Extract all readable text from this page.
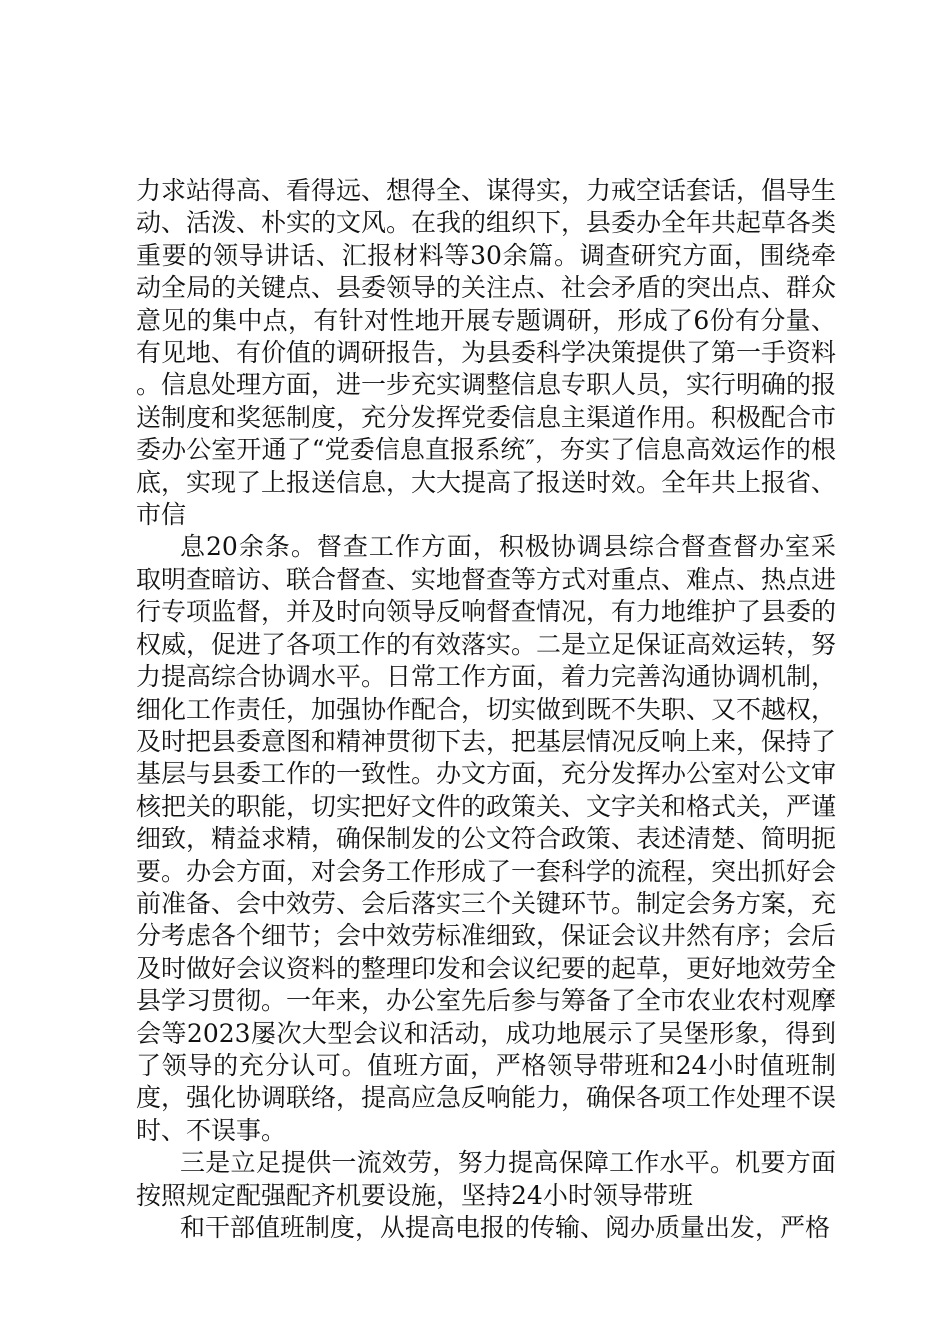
力求站得高、看得远、想得全、谋得实，力戒空话套话，倡导生动、活泼、朴实的文风。在我的组织下，县委办全年共起草各类重要的领导讲话、汇报材料等30余篇。调查研究方面，围绕牵动全局的关键点、县委领导的关注点、社会矛盾的突出点、群众意见的集中点，有针对性地开展专题调研，形成了6份有分量、有见地、有价值的调研报告，为县委科学决策提供了第一手资料。信息处理方面，进一步充实调整信息专职人员，实行明确的报送制度和奖惩制度，充分发挥党委信息主渠道作用。积极配合市委办公室开通了“党委信息直报系统″，夯实了信息高效运作的根底，实现了上报送信息，大大提高了报送时效。全年共上报省、市信

息20余条。督查工作方面，积极协调县综合督查督办室采取明查暗访、联合督查、实地督查等方式对重点、难点、热点进行专项监督，并及时向领导反响督查情况，有力地维护了县委的权威，促进了各项工作的有效落实。二是立足保证高效运转，努力提高综合协调水平。日常工作方面，着力完善沟通协调机制，细化工作责任，加强协作配合，切实做到既不失职、又不越权，及时把县委意图和精神贯彻下去，把基层情况反响上来，保持了基层与县委工作的一致性。办文方面，充分发挥办公室对公文审核把关的职能，切实把好文件的政策关、文字关和格式关，严谨细致，精益求精，确保制发的公文符合政策、表述清楚、简明扼要。办会方面，对会务工作形成了一套科学的流程，突出抓好会前准备、会中效劳、会后落实三个关键环节。制定会务方案，充分考虑各个细节；会中效劳标准细致，保证会议井然有序；会后及时做好会议资料的整理印发和会议纪要的起草，更好地效劳全县学习贯彻。一年来，办公室先后参与筹备了全市农业农村观摩会等2023屡次大型会议和活动，成功地展示了吴堡形象，得到了领导的充分认可。值班方面，严格领导带班和24小时值班制度，强化协调联络，提高应急反响能力，确保各项工作处理不误时、不误事。

三是立足提供一流效劳，努力提高保障工作水平。机要方面按照规定配强配齐机要设施，坚持24小时领导带班

和干部值班制度，从提高电报的传输、阅办质量出发，严格
